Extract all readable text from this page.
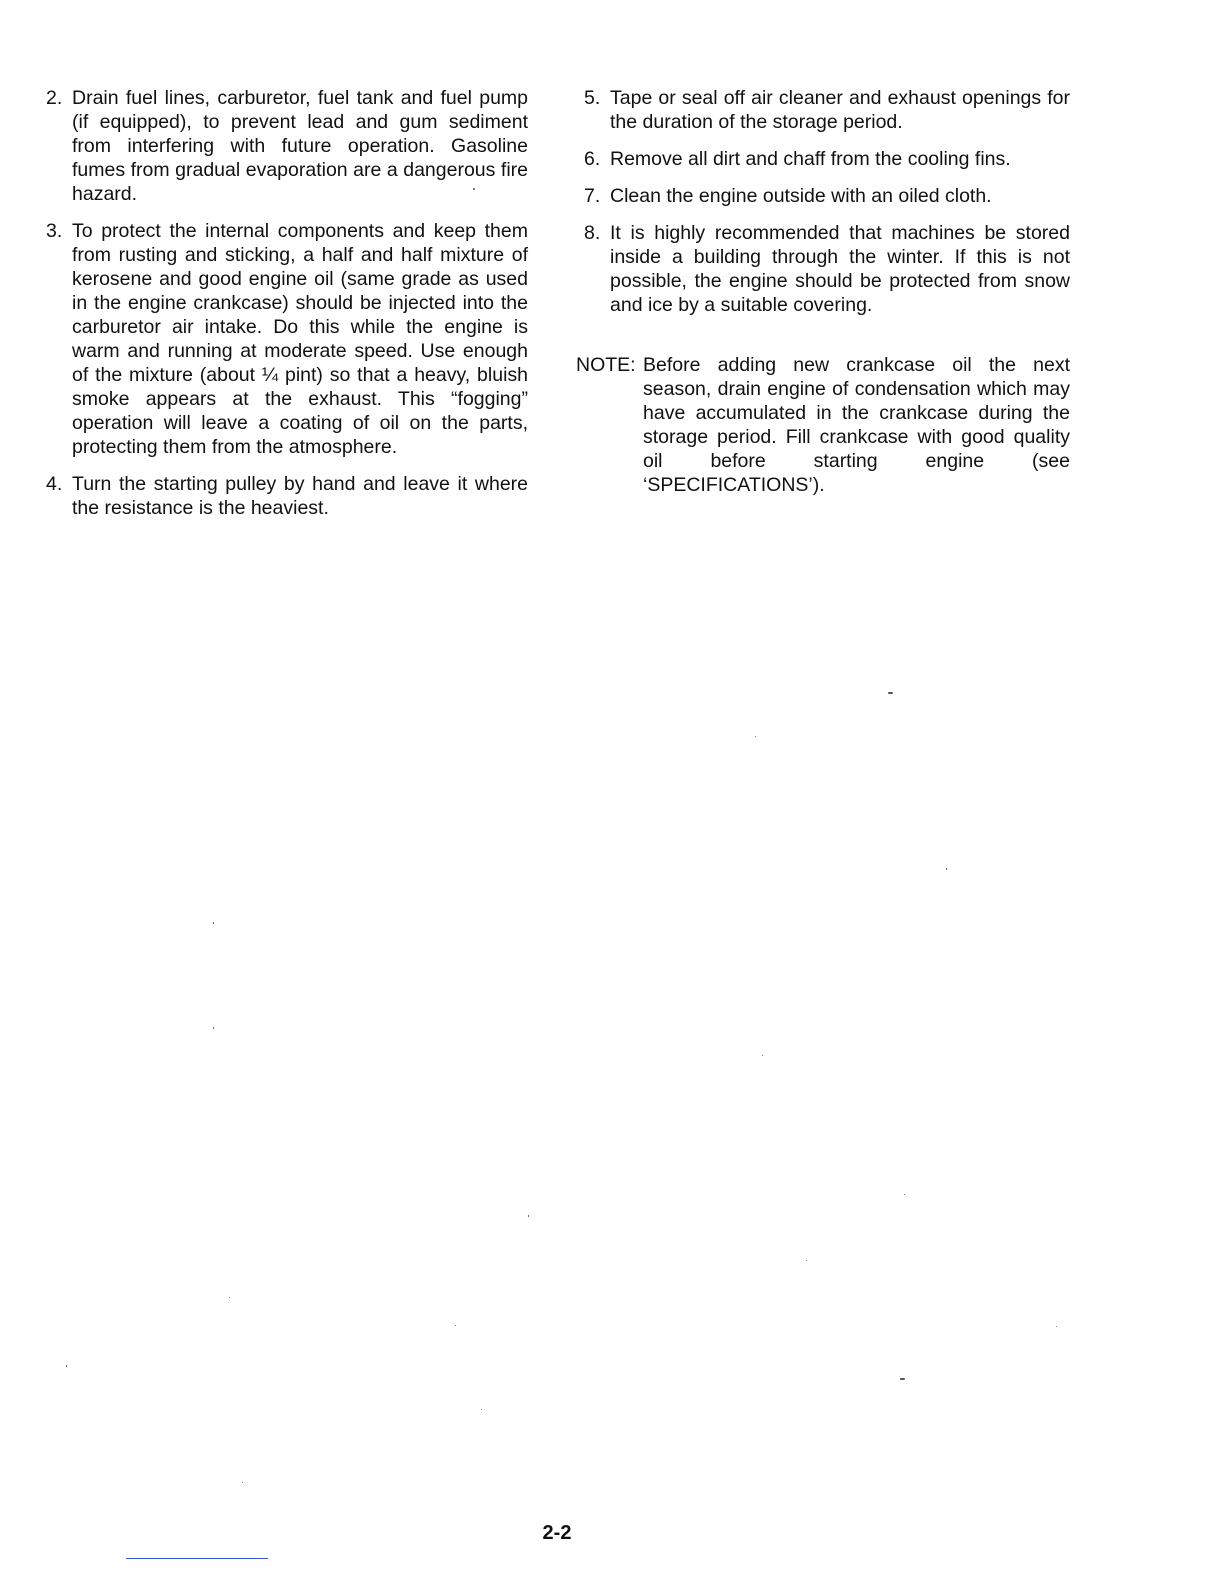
2. Drain fuel lines, carburetor, fuel tank and fuel pump (if equipped), to prevent lead and gum sediment from interfering with future operation. Gasoline fumes from gradual evaporation are a dangerous fire hazard.
3. To protect the internal components and keep them from rusting and sticking, a half and half mixture of kerosene and good engine oil (same grade as used in the engine crankcase) should be injected into the carburetor air intake. Do this while the engine is warm and running at moderate speed. Use enough of the mixture (about ¼ pint) so that a heavy, bluish smoke appears at the exhaust. This “fogging” operation will leave a coating of oil on the parts, protecting them from the atmosphere.
4. Turn the starting pulley by hand and leave it where the resistance is the heaviest.
5. Tape or seal off air cleaner and exhaust openings for the duration of the storage period.
6. Remove all dirt and chaff from the cooling fins.
7. Clean the engine outside with an oiled cloth.
8. It is highly recommended that machines be stored inside a building through the winter. If this is not possible, the engine should be protected from snow and ice by a suitable covering.
NOTE: Before adding new crankcase oil the next season, drain engine of condensation which may have accumulated in the crankcase during the storage period. Fill crankcase with good quality oil before starting engine (see ‘SPECIFICATIONS’).
2-2
